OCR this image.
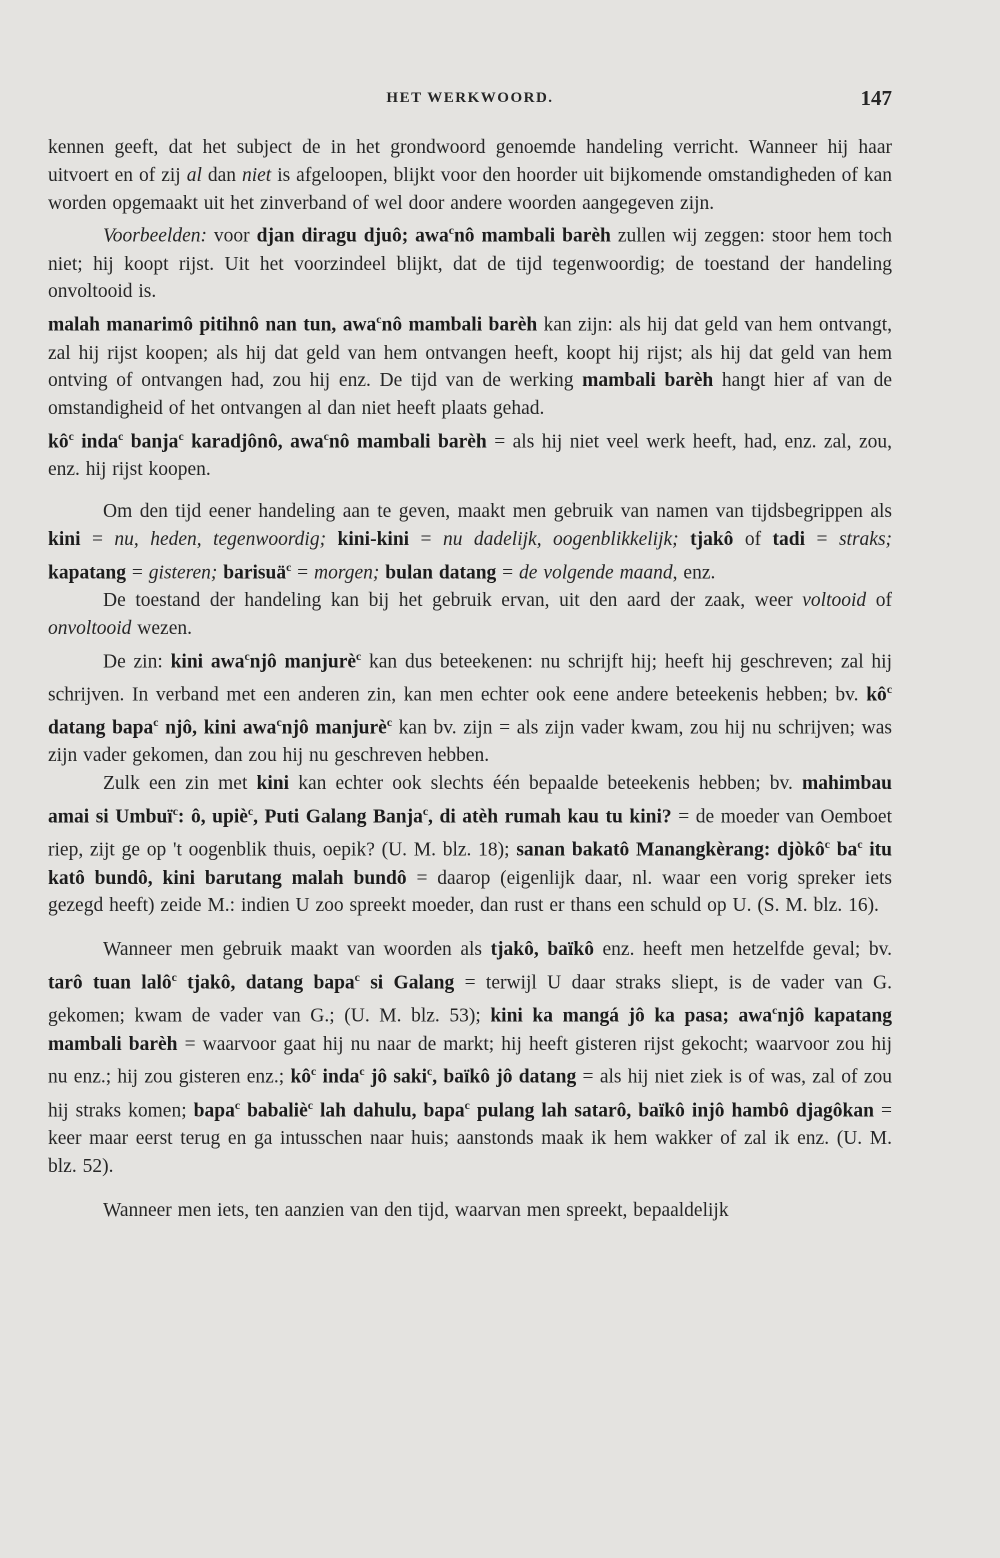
HET WERKWOORD.	147

kennen geeft, dat het subject de in het grondwoord genoemde handeling verricht. Wanneer hij haar uitvoert en of zij al dan niet is afgeloopen, blijkt voor den hoorder uit bijkomende omstandigheden of kan worden opgemaakt uit het zinverband of wel door andere woorden aangegeven zijn.

Voorbeelden: voor djan diragu djuô; awa$^c$nô mambali barèh zullen wij zeggen: stoor hem toch niet; hij koopt rijst. Uit het voorzindeel blijkt, dat de tijd tegenwoordig; de toestand der handeling onvoltooid is.

malah manarimô pitihnô nan tun, awa$^c$nô mambali barèh kan zijn: als hij dat geld van hem ontvangt, zal hij rijst koopen; als hij dat geld van hem ontvangen heeft, koopt hij rijst; als hij dat geld van hem ontving of ontvangen had, zou hij enz. De tijd van de werking mambali barèh hangt hier af van de omstandigheid of het ontvangen al dan niet heeft plaats gehad.

$kô^c$ inda$^c$ banja$^c$ karadjônô, awa$^c$nô mambali barèh = als hij niet veel werk heeft, had, enz. zal, zou, enz. hij rijst koopen.

Om den tijd eener handeling aan te geven, maakt men gebruik van namen van tijdsbegrippen als kini = nu, heden, tegenwoordig; kini-kini = nu dadelijk, oogenblikkelijk; tjakô of tadi = straks; kapatang = gisteren; barisuä$^c$ = morgen; bulan datang = de volgende maand, enz.

De toestand der handeling kan bij het gebruik ervan, uit den aard der zaak, weer voltooid of onvoltooid wezen.

De zin: kini awa$^c$njô manjurè$^c$ kan dus beteekenen: nu schrijft hij; heeft hij geschreven; zal hij schrijven. In verband met een anderen zin, kan men echter ook eene andere beteekenis hebben; bv. $kô^c$ datang bapa$^c$ njô, kini awa$^c$njô manjurè$^c$ kan bv. zijn = als zijn vader kwam, zou hij nu schrijven; was zijn vader gekomen, dan zou hij nu geschreven hebben.

Zulk een zin met kini kan echter ook slechts één bepaalde beteekenis hebben; bv. mahimbau amai si Umbuï$^c$: ô, upiè$^c$, Puti Galang Banja$^c$, di atèh rumah kau tu kini? = de moeder van Oemboet riep, zijt ge op 't oogenblik thuis, oepik? (U. M. blz. 18); sanan bakatô Manangkèrang: djòkô$^c$ $ba^c$ itu katô bundô, kini barutang malah bundô = daarop (eigenlijk daar, nl. waar een vorig spreker iets gezegd heeft) zeide M.: indien U zoo spreekt moeder, dan rust er thans een schuld op U. (S. M. blz. 16).

Wanneer men gebruik maakt van woorden als tjakô, baïkô enz. heeft men hetzelfde geval; bv. tarô tuan lalô$^c$ tjakô, datang bapa$^c$ si Galang = terwijl U daar straks sliept, is de vader van G. gekomen; kwam de vader van G.; (U. M. blz. 53); kini ka mangá jô ka pasa; awa$^c$njô kapatang mambali barèh = waarvoor gaat hij nu naar de markt; hij heeft gisteren rijst gekocht; waarvoor zou hij nu enz.; hij zou gisteren enz.; $kô^c$ inda$^c$ jô saki$^c$, baïkô jô datang = als hij niet ziek is of was, zal of zou hij straks komen; bapa$^c$ babaliè$^c$ lah dahulu, bapa$^c$ pulang lah satarô, baïkô injô hambô djagôkan = keer maar eerst terug en ga intusschen naar huis; aanstonds maak ik hem wakker of zal ik enz. (U. M. blz. 52).

Wanneer men iets, ten aanzien van den tijd, waarvan men spreekt, bepaaldelijk
